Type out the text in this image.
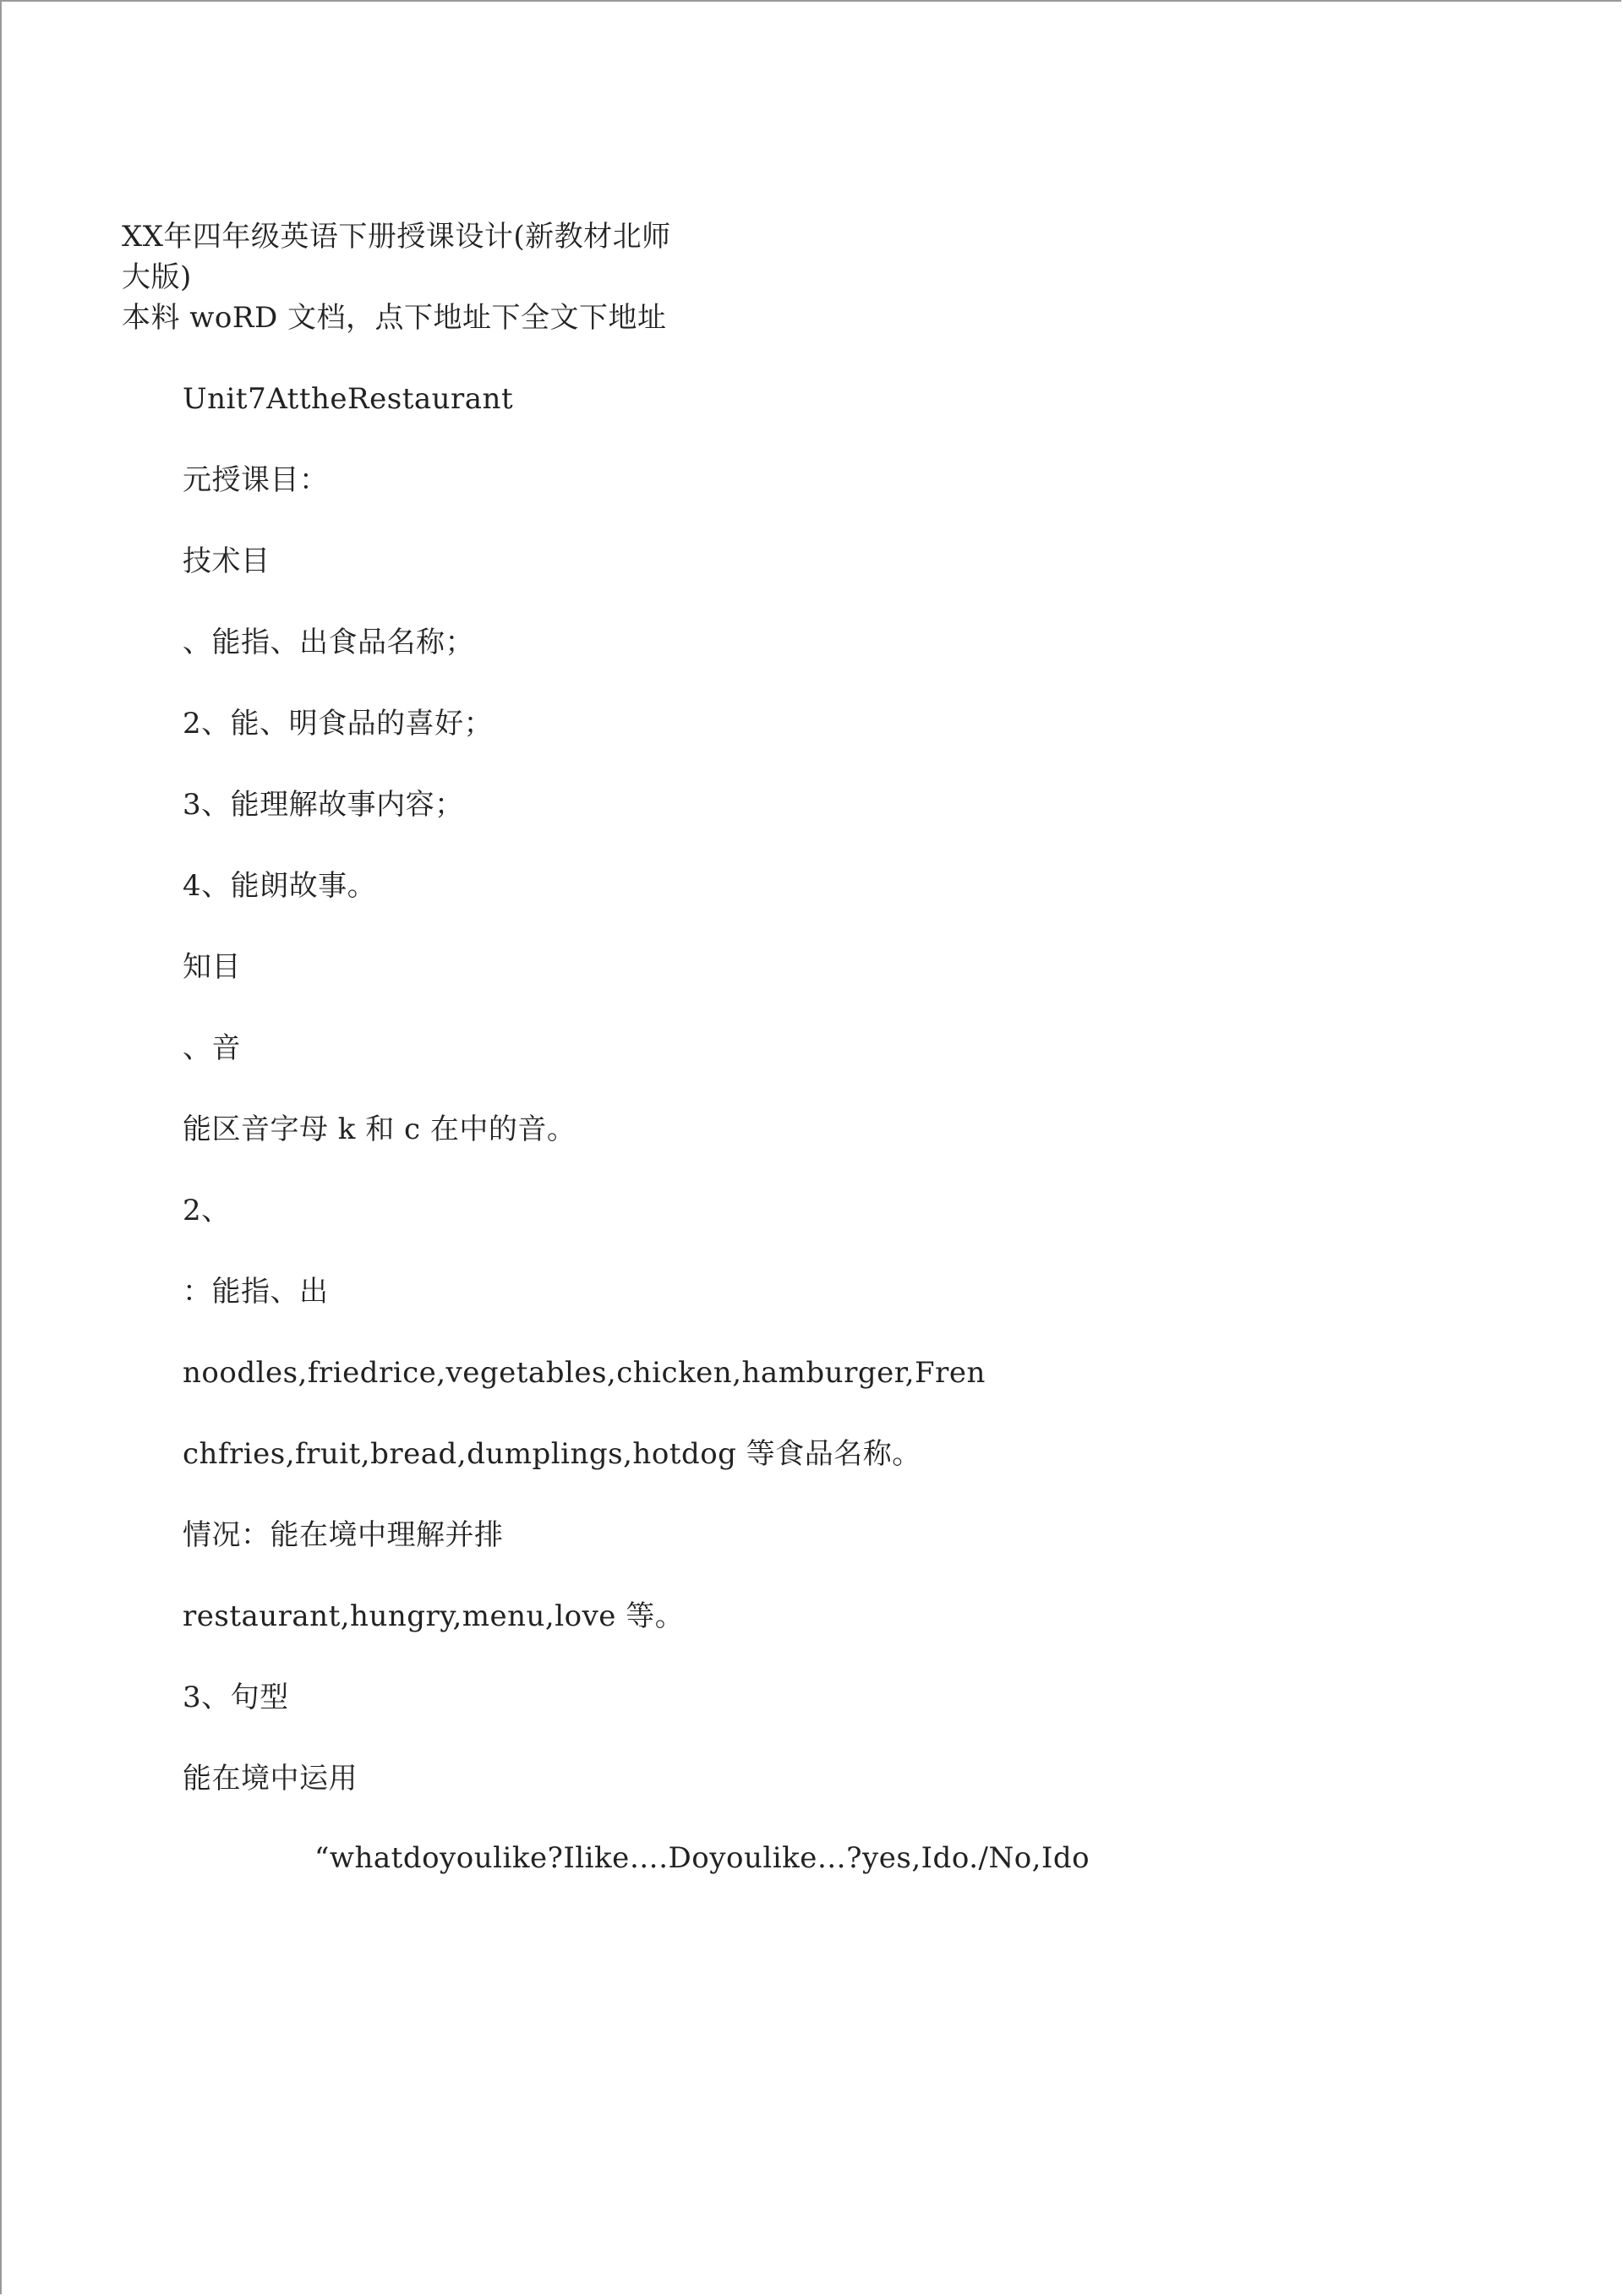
XX年四年级英语下册授课设计(新教材北师
大版)
本料 woRD 文档，点下地址下全文下地址
Unit7AttheRestaurant
元授课目：
技术目
、能指、出食品名称；
2、能、明食品的喜好；
3、能理解故事内容；
4、能朗故事。
知目
、音
能区音字母 k 和 c 在中的音。
2、
：能指、出
noodles,friedrice,vegetables,chicken,hamburger,Fren
chfries,fruit,bread,dumplings,hotdog 等食品名称。
情况：能在境中理解并排
restaurant,hungry,menu,love 等。
3、句型
能在境中运用
“whatdoyoulike?Ilike….Doyoulike…?yes,Ido./No,Ido
